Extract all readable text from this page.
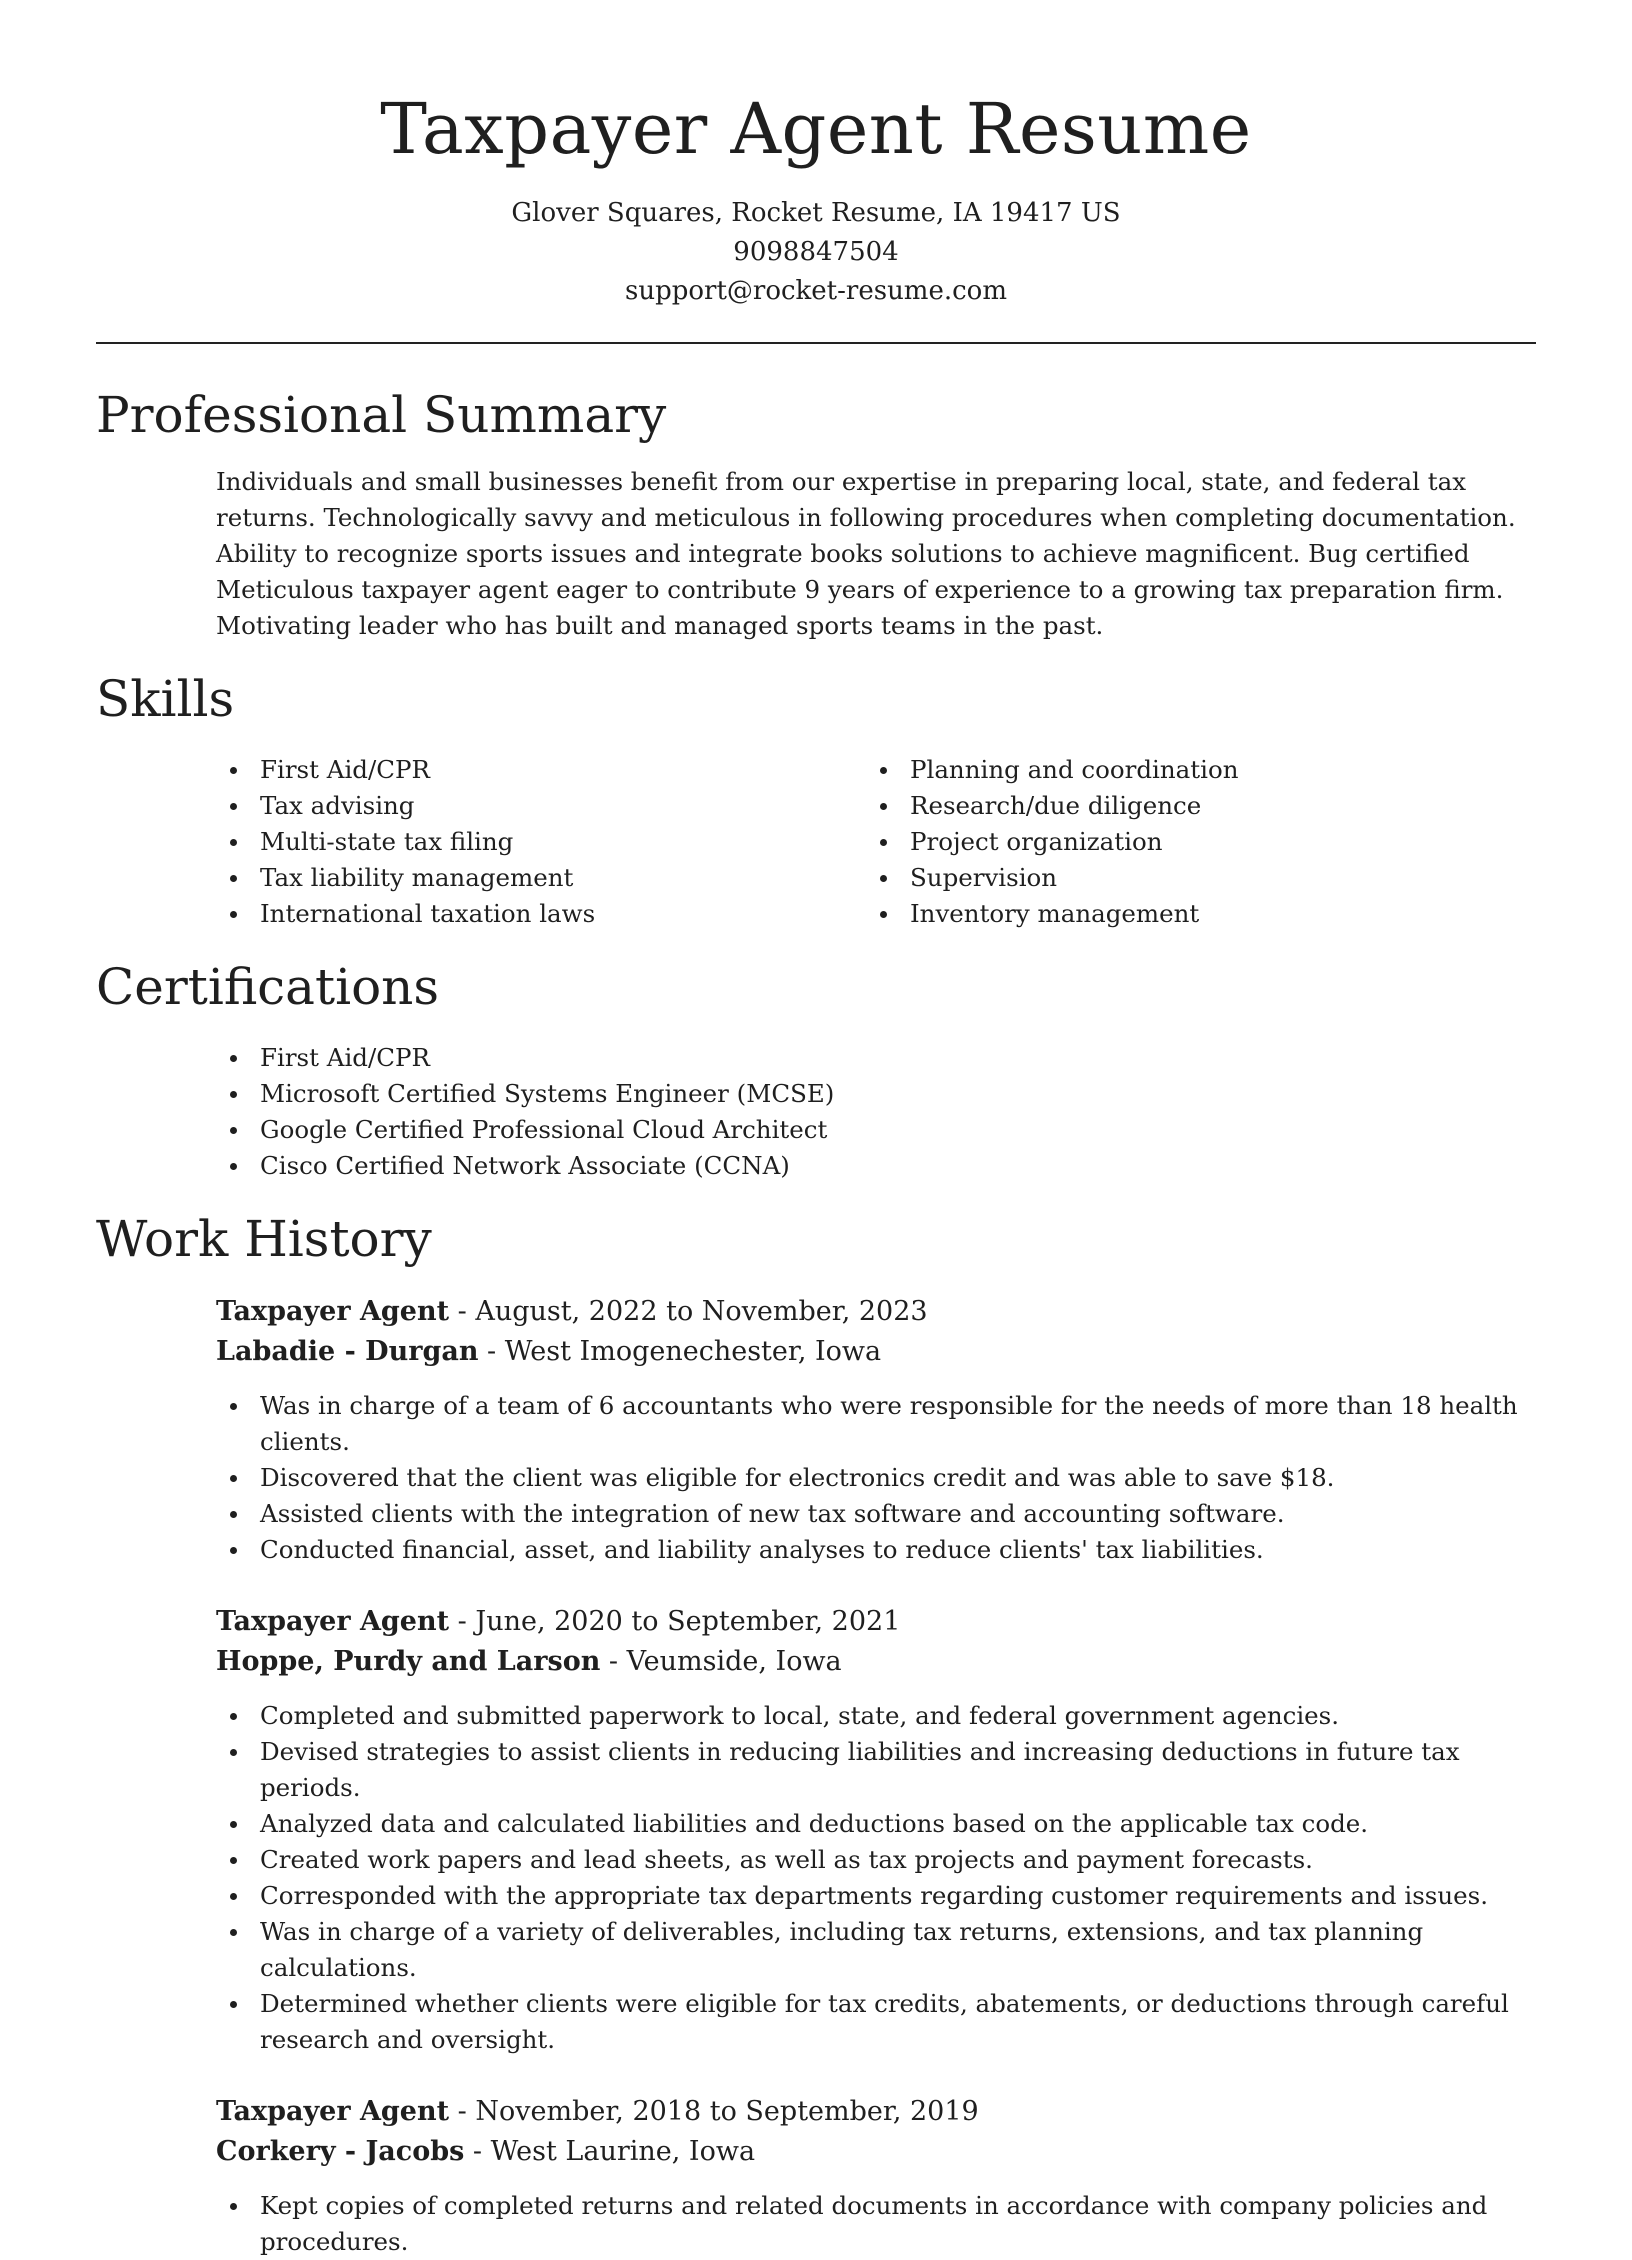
Taxpayer Agent Resume
Glover Squares, Rocket Resume, IA 19417 US
9098847504
support@rocket-resume.com
Professional Summary

Individuals and small businesses benefit from our expertise in preparing local, state, and federal tax returns. Technologically savvy and meticulous in following procedures when completing documentation. Ability to recognize sports issues and integrate books solutions to achieve magnificent. Bug certified Meticulous taxpayer agent eager to contribute 9 years of experience to a growing tax preparation firm. Motivating leader who has built and managed sports teams in the past.

Skills
First Aid/CPR
Tax advising
Multi-state tax filing
Tax liability management
International taxation laws
Planning and coordination
Research/due diligence
Project organization
Supervision
Inventory management
Certifications
First Aid/CPR
Microsoft Certified Systems Engineer (MCSE)
Google Certified Professional Cloud Architect
Cisco Certified Network Associate (CCNA)
Work History
Taxpayer Agent - August, 2022 to November, 2023
Labadie - Durgan - West Imogenechester, Iowa
Was in charge of a team of 6 accountants who were responsible for the needs of more than 18 health clients.
Discovered that the client was eligible for electronics credit and was able to save $18.
Assisted clients with the integration of new tax software and accounting software.
Conducted financial, asset, and liability analyses to reduce clients' tax liabilities.
Taxpayer Agent - June, 2020 to September, 2021
Hoppe, Purdy and Larson - Veumside, Iowa
Completed and submitted paperwork to local, state, and federal government agencies.
Devised strategies to assist clients in reducing liabilities and increasing deductions in future tax periods.
Analyzed data and calculated liabilities and deductions based on the applicable tax code.
Created work papers and lead sheets, as well as tax projects and payment forecasts.
Corresponded with the appropriate tax departments regarding customer requirements and issues.
Was in charge of a variety of deliverables, including tax returns, extensions, and tax planning calculations.
Determined whether clients were eligible for tax credits, abatements, or deductions through careful research and oversight.
Taxpayer Agent - November, 2018 to September, 2019
Corkery - Jacobs - West Laurine, Iowa
Kept copies of completed returns and related documents in accordance with company policies and procedures.
